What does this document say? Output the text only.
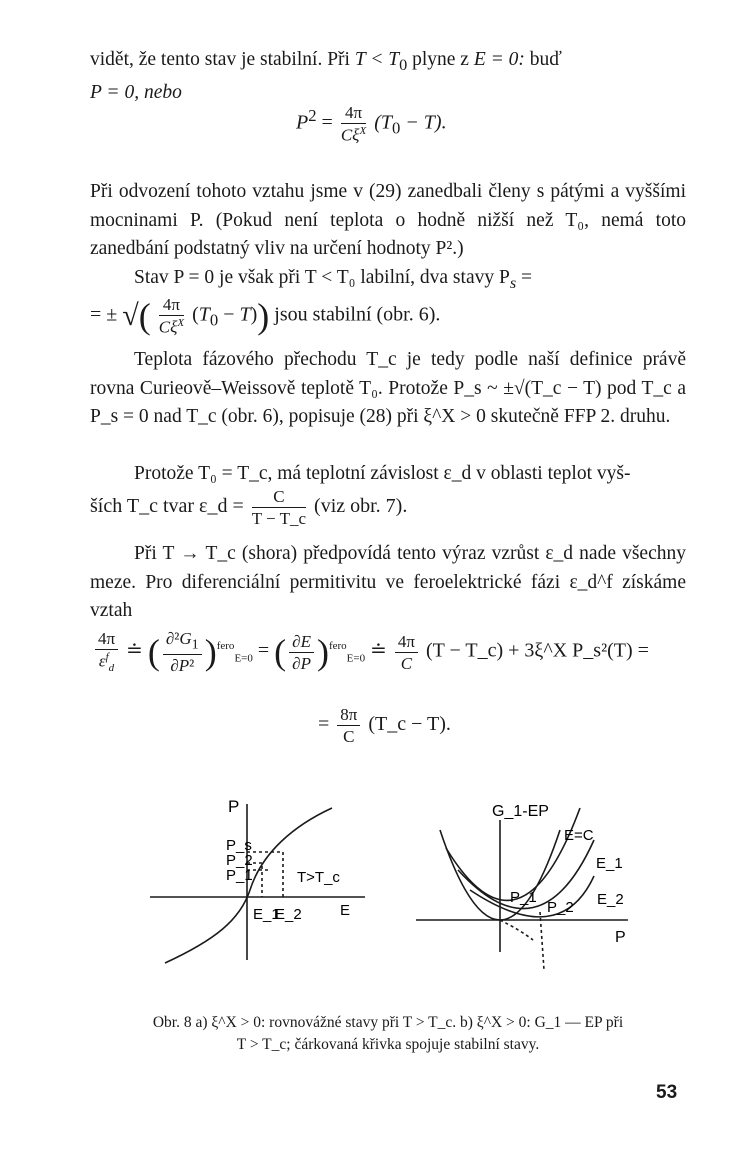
vidět, že tento stav je stabilní. Při $T < T_0$ plyne z E = 0: buď
P = 0, nebo

$P^2 = \frac{4\pi}{C\xi^X} (T_0 - T)$.

Při odvození tohoto vztahu jsme v (29) zanedbali členy s pátými a vyššími mocninami P. (Pokud není teplota o hodně nižší než T₀, nemá toto zanedbání podstatný vliv na určení hodnoty P².)

Stav P = 0 je však při T < T₀ labilní, dva stavy $P_s$ =

= ± √( $\frac{4\pi}{C\xi^X} (T_0 - T)$) jsou stabilní (obr. 6).

Teplota fázového přechodu T_c je tedy podle naší definice právě rovna Curieově–Weissově teplotě T₀. Protože P_s ~ ±√(T_c − T) pod T_c a P_s = 0 nad T_c (obr. 6), popisuje (28) při ξ^X > 0 skutečně FFP 2. druhu.

Protože T₀ = T_c, má teplotní závislost ε_d v oblasti teplot vyš-

ších T_c tvar ε_d = $\frac{C}{T - T\_c} (viz$ obr. 7).

Při T → T_c (shora) předpovídá tento výraz vzrůst ε_d nade všechny meze. Pro diferenciální permitivitu ve feroelektrické fázi ε_d^f získáme vztah

$\frac{4\pi}{\varepsilon^f_d}$ ≐ ( $\frac{\partial^2G_1}{\text{∂P²}} )^{fero}_{E=0}$ = ( $\frac{\partial E}{\partial P} )^{fero}_{E=0}$ ≐ $\frac{4\pi}{C} (T$ − T_c) + 3ξ^X P_s²(T) =
= $\frac{8\pi}{C}$ (T_c − T).
P
P_s
P_2
P_1	T>T_c
E_1
E_2	E
G_1-EP
E=C
E_1
E_2
P_1
P_2
P

Obr. 8 a) ξ^X > 0: rovnovážné stavy při T > T_c. b) ξ^X > 0: G_1 — EP při
T > T_c; čárkovaná křivka spojuje stabilní stavy.

53
